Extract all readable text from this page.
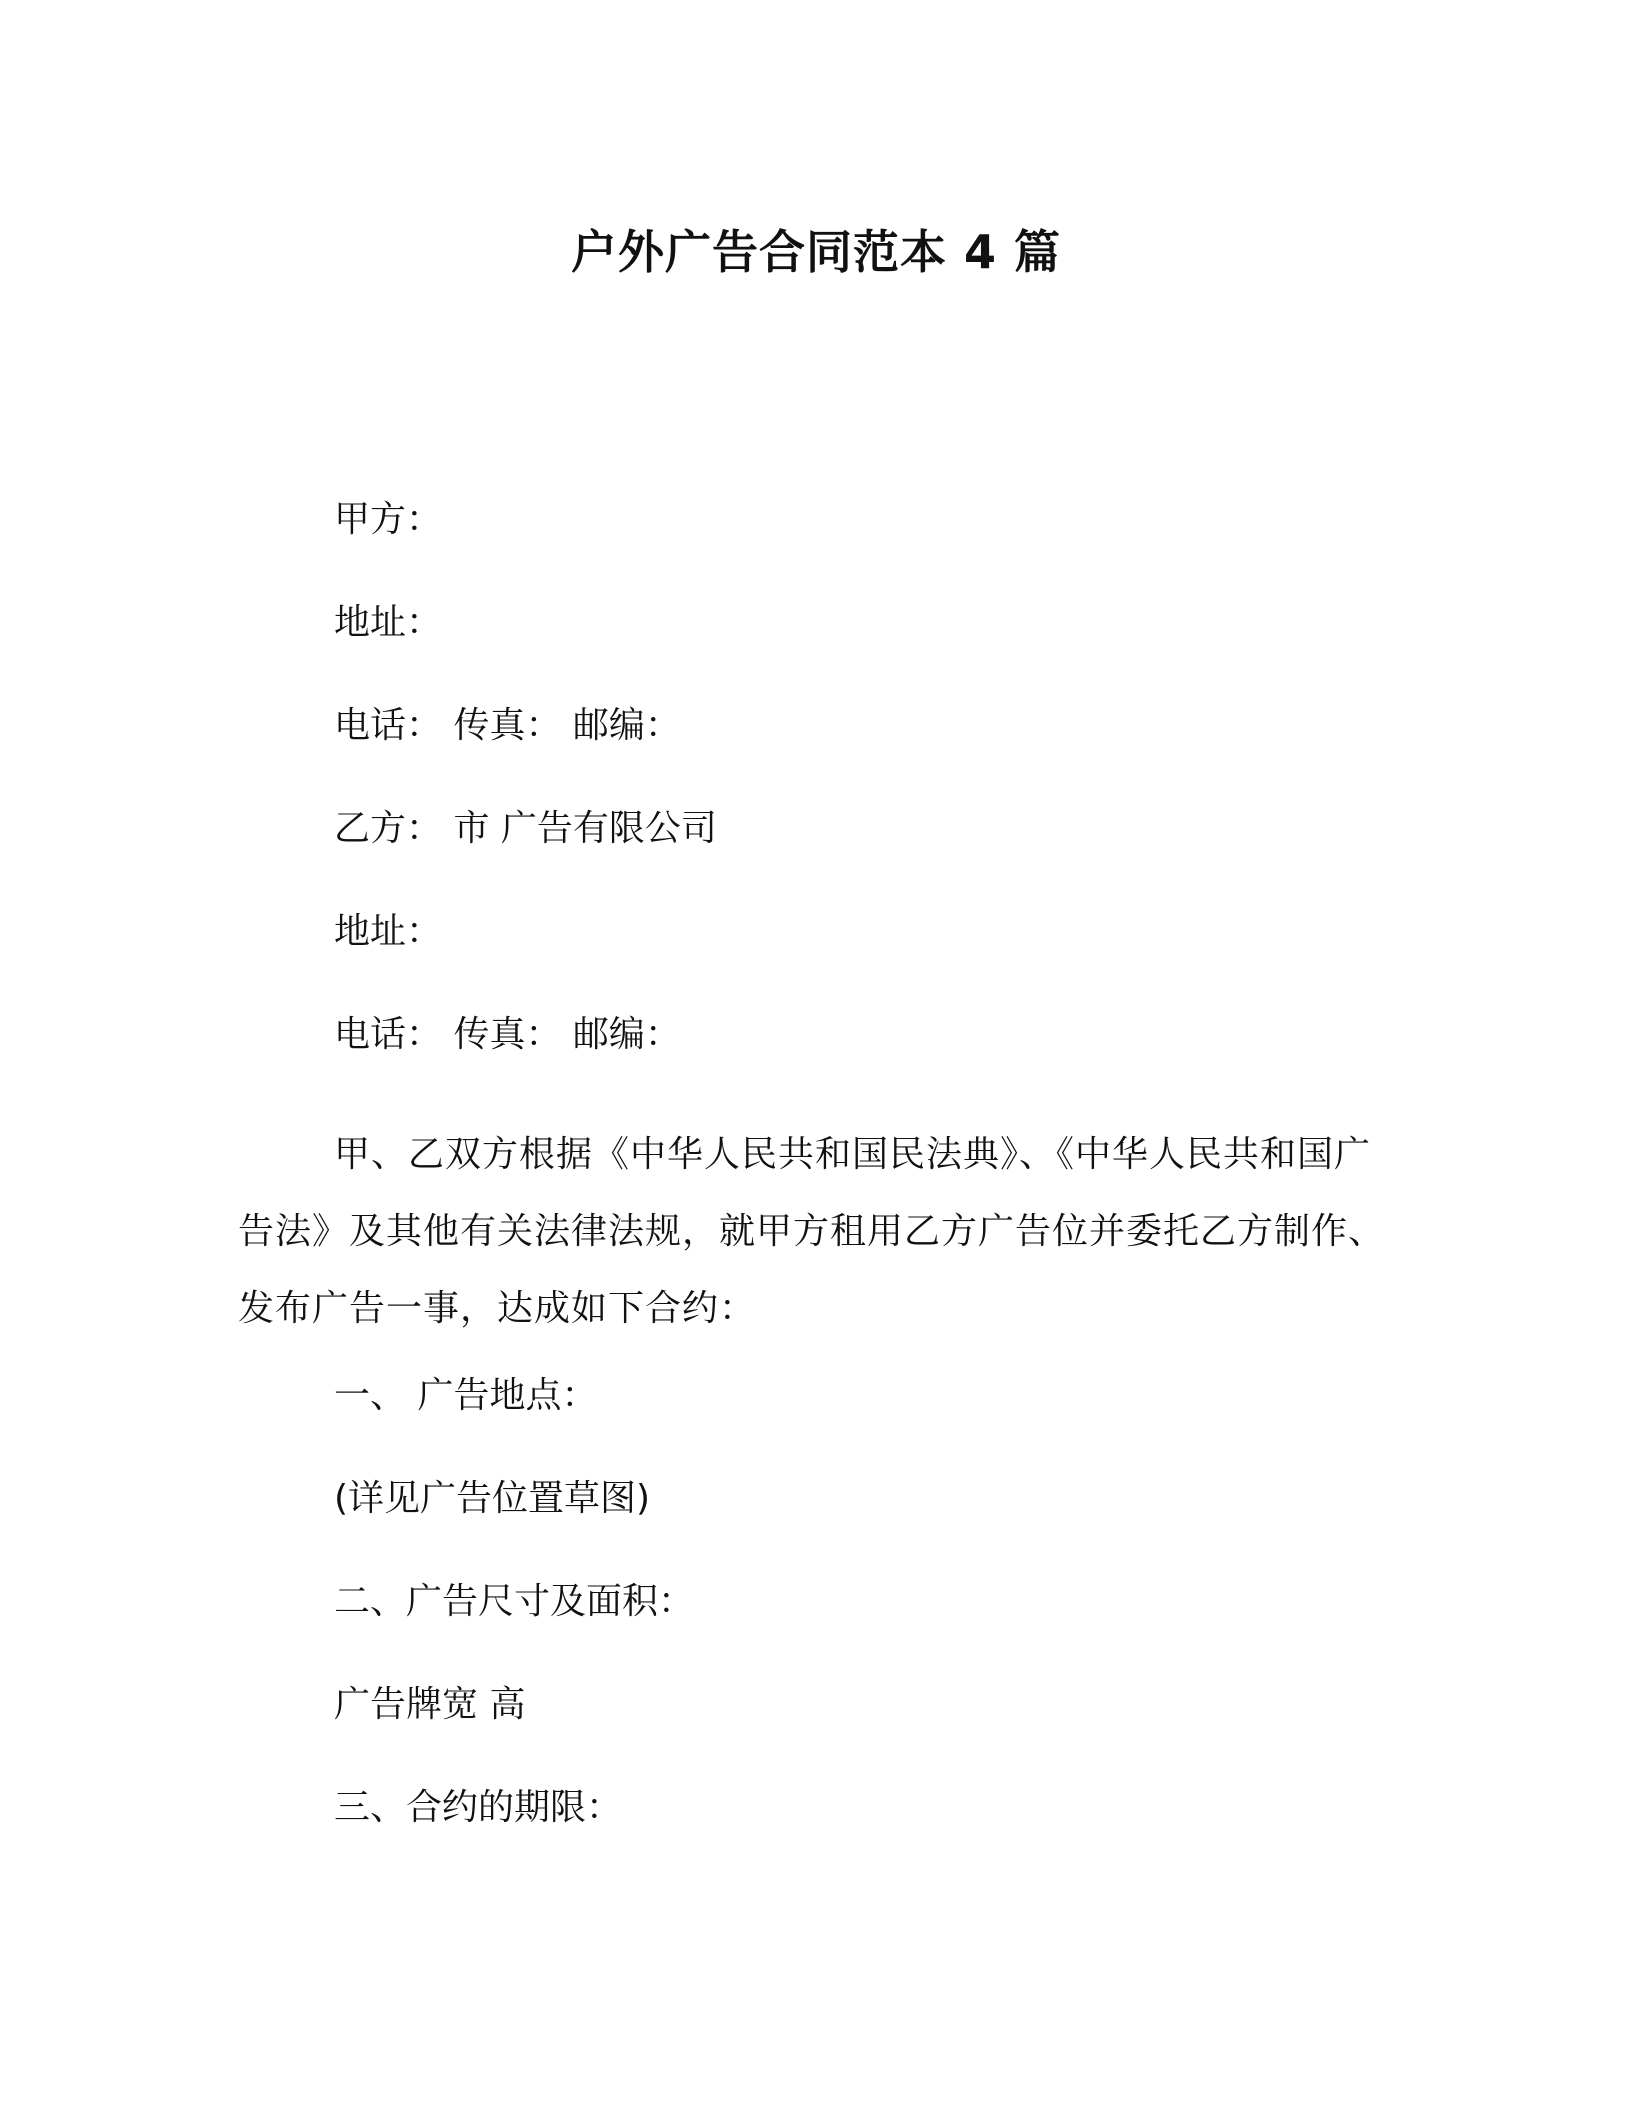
户外广告合同范本 4 篇

甲方：

地址：

电话： 传真： 邮编：

乙方： 市 广告有限公司

地址：

电话： 传真： 邮编：

甲、乙双方根据《中华人民共和国民法典》、《中华人民共和国广告法》及其他有关法律法规，就甲方租用乙方广告位并委托乙方制作、发布广告一事，达成如下合约：

一、 广告地点：

(详见广告位置草图)

二、广告尺寸及面积：

广告牌宽 高

三、合约的期限：
